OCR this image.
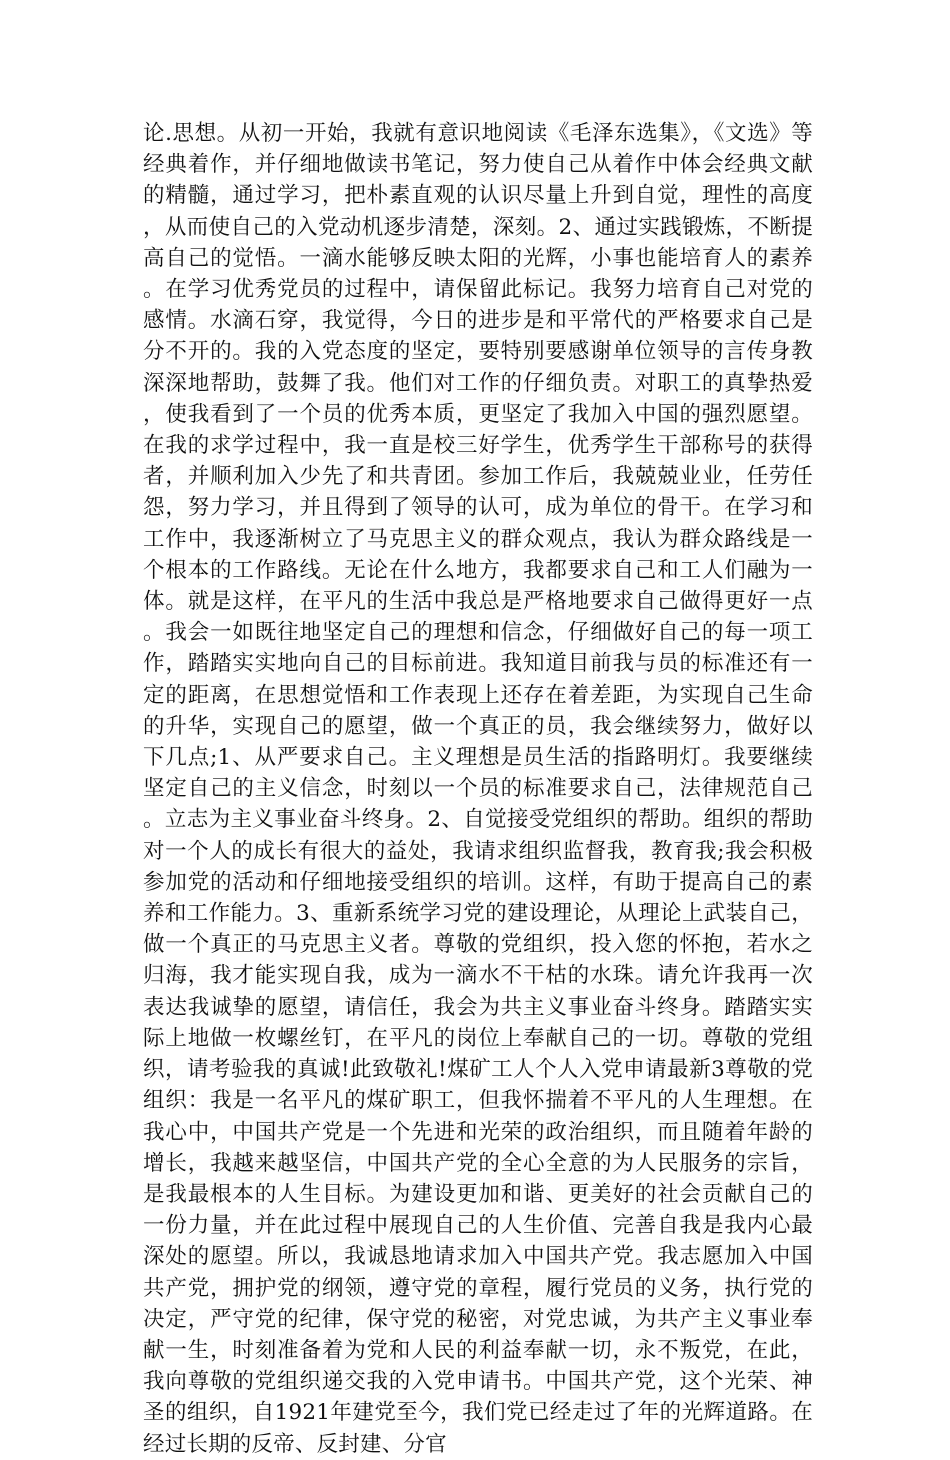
论.思想。从初一开始，我就有意识地阅读《毛泽东选集》，《文选》等经典着作，并仔细地做读书笔记，努力使自己从着作中体会经典文献的精髓，通过学习，把朴素直观的认识尽量上升到自觉，理性的高度，从而使自己的入党动机逐步清楚，深刻。2、通过实践锻炼，不断提高自己的觉悟。一滴水能够反映太阳的光辉，小事也能培育人的素养。在学习优秀党员的过程中，请保留此标记。我努力培育自己对党的感情。水滴石穿，我觉得，今日的进步是和平常代的严格要求自己是分不开的。我的入党态度的坚定，要特别要感谢单位领导的言传身教深深地帮助，鼓舞了我。他们对工作的仔细负责。对职工的真挚热爱，使我看到了一个员的优秀本质，更坚定了我加入中国的强烈愿望。在我的求学过程中，我一直是校三好学生，优秀学生干部称号的获得者，并顺利加入少先了和共青团。参加工作后，我兢兢业业，任劳任怨，努力学习，并且得到了领导的认可，成为单位的骨干。在学习和工作中，我逐渐树立了马克思主义的群众观点，我认为群众路线是一个根本的工作路线。无论在什么地方，我都要求自己和工人们融为一体。就是这样，在平凡的生活中我总是严格地要求自己做得更好一点。我会一如既往地坚定自己的理想和信念，仔细做好自己的每一项工作，踏踏实实地向自己的目标前进。我知道目前我与员的标准还有一定的距离，在思想觉悟和工作表现上还存在着差距，为实现自己生命的升华，实现自己的愿望，做一个真正的员，我会继续努力，做好以下几点;1、从严要求自己。主义理想是员生活的指路明灯。我要继续坚定自己的主义信念，时刻以一个员的标准要求自己，法律规范自己。立志为主义事业奋斗终身。2、自觉接受党组织的帮助。组织的帮助对一个人的成长有很大的益处，我请求组织监督我，教育我;我会积极参加党的活动和仔细地接受组织的培训。这样，有助于提高自己的素养和工作能力。3、重新系统学习党的建设理论，从理论上武装自己，做一个真正的马克思主义者。尊敬的党组织，投入您的怀抱，若水之归海，我才能实现自我，成为一滴水不干枯的水珠。请允许我再一次表达我诚挚的愿望，请信任，我会为共主义事业奋斗终身。踏踏实实际上地做一枚螺丝钉，在平凡的岗位上奉献自己的一切。尊敬的党组织，请考验我的真诚!此致敬礼!煤矿工人个人入党申请最新3尊敬的党组织：我是一名平凡的煤矿职工，但我怀揣着不平凡的人生理想。在我心中，中国共产党是一个先进和光荣的政治组织，而且随着年龄的增长，我越来越坚信，中国共产党的全心全意的为人民服务的宗旨，是我最根本的人生目标。为建设更加和谐、更美好的社会贡献自己的一份力量，并在此过程中展现自己的人生价值、完善自我是我内心最深处的愿望。所以，我诚恳地请求加入中国共产党。我志愿加入中国共产党，拥护党的纲领，遵守党的章程，履行党员的义务，执行党的决定，严守党的纪律，保守党的秘密，对党忠诚，为共产主义事业奉献一生，时刻准备着为党和人民的利益奉献一切，永不叛党，在此，我向尊敬的党组织递交我的入党申请书。中国共产党，这个光荣、神圣的组织，自1921年建党至今，我们党已经走过了年的光辉道路。在经过长期的反帝、反封建、分官
